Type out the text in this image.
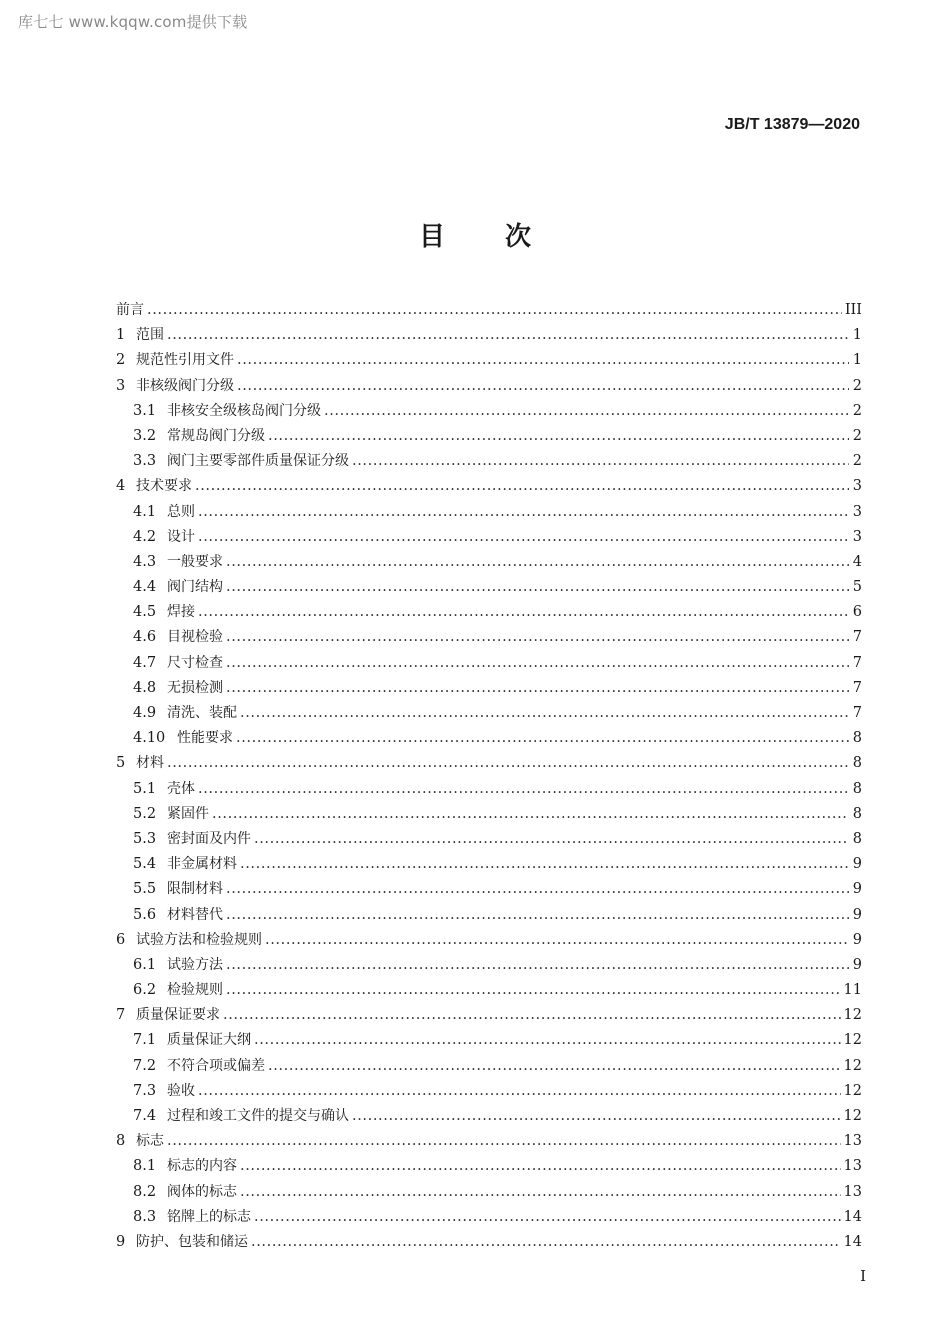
库七七 www.kqqw.com提供下载
JB/T 13879—2020
目 次
前言 .....	III
1 范围 .....	1
2 规范性引用文件 .....	1
3 非核级阀门分级 .....	2
3.1 非核安全级核岛阀门分级 .....	2
3.2 常规岛阀门分级 .....	2
3.3 阀门主要零部件质量保证分级 .....	2
4 技术要求 .....	3
4.1 总则 .....	3
4.2 设计 .....	3
4.3 一般要求 .....	4
4.4 阀门结构 .....	5
4.5 焊接 .....	6
4.6 目视检验 .....	7
4.7 尺寸检查 .....	7
4.8 无损检测 .....	7
4.9 清洗、装配 .....	7
4.10 性能要求 .....	8
5 材料 .....	8
5.1 壳体 .....	8
5.2 紧固件 .....	8
5.3 密封面及内件 .....	8
5.4 非金属材料 .....	9
5.5 限制材料 .....	9
5.6 材料替代 .....	9
6 试验方法和检验规则 .....	9
6.1 试验方法 .....	9
6.2 检验规则 .....	11
7 质量保证要求 .....	12
7.1 质量保证大纲 .....	12
7.2 不符合项或偏差 .....	12
7.3 验收 .....	12
7.4 过程和竣工文件的提交与确认 .....	12
8 标志 .....	13
8.1 标志的内容 .....	13
8.2 阀体的标志 .....	13
8.3 铭牌上的标志 .....	14
9 防护、包装和储运 .....	14
I
